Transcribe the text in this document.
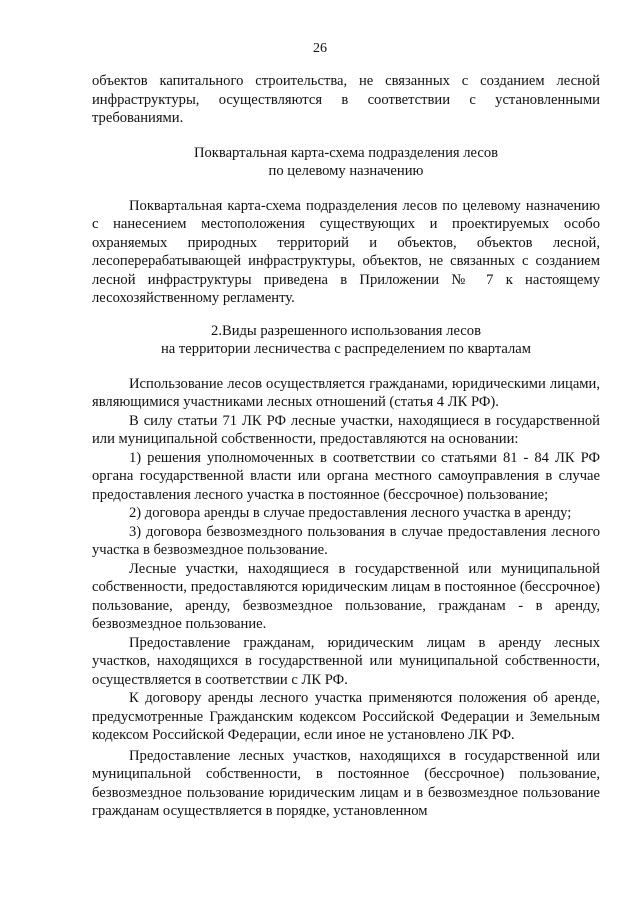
26

объектов капитального строительства, не связанных с созданием лесной инфраструктуры, осуществляются в соответствии с установленными требованиями.

Поквартальная карта-схема подразделения лесов

по целевому назначению

Поквартальная карта-схема подразделения лесов по целевому назначению с нанесением местоположения существующих и проектируемых особо охраняемых природных территорий и объектов, объектов лесной, лесоперерабатывающей инфраструктуры, объектов, не связанных с созданием лесной инфраструктуры приведена в Приложении № 7 к настоящему лесохозяйственному регламенту.

2.Виды разрешенного использования лесов

на территории лесничества с распределением по кварталам

Использование лесов осуществляется гражданами, юридическими лицами, являющимися участниками лесных отношений (статья 4 ЛК РФ).

В силу статьи 71 ЛК РФ лесные участки, находящиеся в государственной или муниципальной собственности, предоставляются на основании:

1) решения уполномоченных в соответствии со статьями 81 - 84 ЛК РФ органа государственной власти или органа местного самоуправления в случае предоставления лесного участка в постоянное (бессрочное) пользование;

2) договора аренды в случае предоставления лесного участка в аренду;

3) договора безвозмездного пользования в случае предоставления лесного участка в безвозмездное пользование.

Лесные участки, находящиеся в государственной или муниципальной собственности, предоставляются юридическим лицам в постоянное (бессрочное) пользование, аренду, безвозмездное пользование, гражданам - в аренду, безвозмездное пользование.

Предоставление гражданам, юридическим лицам в аренду лесных участков, находящихся в государственной или муниципальной собственности, осуществляется в соответствии с ЛК РФ.

К договору аренды лесного участка применяются положения об аренде, предусмотренные Гражданским кодексом Российской Федерации и Земельным кодексом Российской Федерации, если иное не установлено ЛК РФ.

Предоставление лесных участков, находящихся в государственной или муниципальной собственности, в постоянное (бессрочное) пользование, безвозмездное пользование юридическим лицам и в безвозмездное пользование гражданам осуществляется в порядке, установленном
